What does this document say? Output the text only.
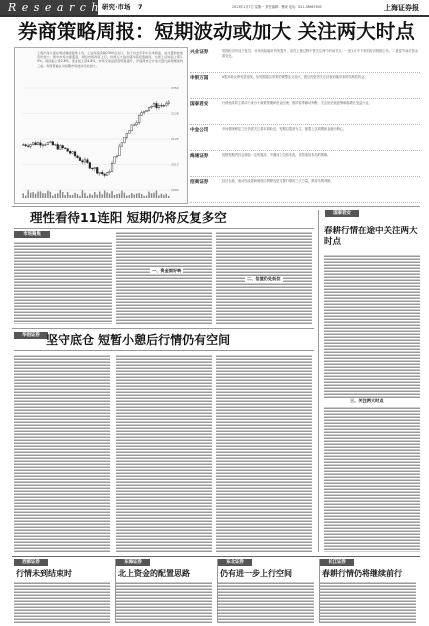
R e s e a r c h 研究·市场 7	2013年1月7日 星期一 责任编辑：曹晓 电话：021-38967600	上海证券报
券商策略周报：短期波动或加大 关注两大时点
上周沪深大盘在周初继续强势上攻，上证综指突破2300点关口，创下自去年年中以来新高，成交量较此前有所放大；周中市场出现震荡，周四市场再度上行，但周五大盘出现冲高回落格局，全周上证综指上涨1.9%，深成指上涨2.6%，创业板上涨4.8%，市场交易活跃度明显提升，沪深两市合计成交量比前周增加约三成。券商普遍认为短期市场波动可能加大。
1900
2013
2125
2238
2350
兴业证券	短期经济仍处于复苏，市场风险偏好有所提升，但在上涨过程中需关注两个时间节点：一是1月中下旬的经济数据公布，二是春节前后资金面变化。
申银万国	A股本轮反弹有望延续，但短期超买带来的调整压力加大，建议投资者关注估值切换带来的结构性机会。
国泰君安	行情延续的主要动力来自于政策预期和资金回流，维持春季躁动判断，关注低估值蓝筹和稳增长受益行业。
中金公司	市场情绪修复之后仍需关注基本面验证，短期以震荡为主，配置上以周期和金融为核心。
海通证券	指数短期内仍会面临一定的震荡，中期向上趋势未改，坚持逢低布局的策略。
招商证券	经济企稳、流动性改善和制度红利释放是支撑行情的三大力量，维持乐观判断。
理性看待11连阳 短期仍将反复多空
市场聚焦
一、资金面好转
二、估值仍处低位
国泰君安
春耕行情在途中关注两大时点
三、关注两大时点
华创证券 坚守底仓 短暂小憩后行情仍有空间
西部证券
行情未到结束时
东海证券
北上资金的配置思路
东北证券
仍有进一步上行空间
长江证券
春耕行情仍将继续前行
